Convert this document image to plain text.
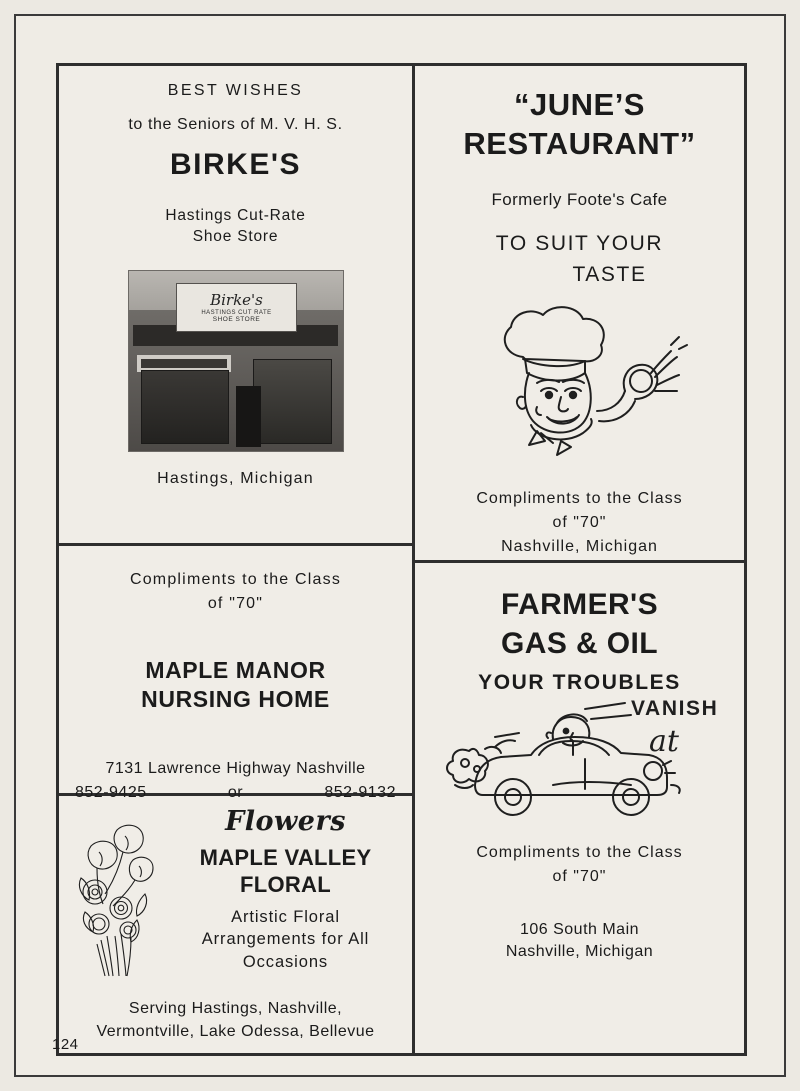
BEST WISHES
to the Seniors of M. V. H. S.
BIRKE'S
Hastings Cut-Rate
Shoe Store
Birke's
HASTINGS CUT RATE
SHOE STORE
Hastings, Michigan
Compliments to the Class
of "70"
MAPLE MANOR
NURSING HOME
7131 Lawrence Highway Nashville
852-9425	or	852-9132
Flowers
MAPLE VALLEY
FLORAL
Artistic Floral
Arrangements for All
Occasions
Serving Hastings, Nashville,
Vermontville, Lake Odessa, Bellevue
“JUNE’S
RESTAURANT”
Formerly Foote's Cafe
TO SUIT YOUR
TASTE
Compliments to the Class
of "70"
Nashville, Michigan
FARMER'S
GAS & OIL
YOUR TROUBLES
VANISH
at
Compliments to the Class
of "70"
106 South Main
Nashville, Michigan
124
